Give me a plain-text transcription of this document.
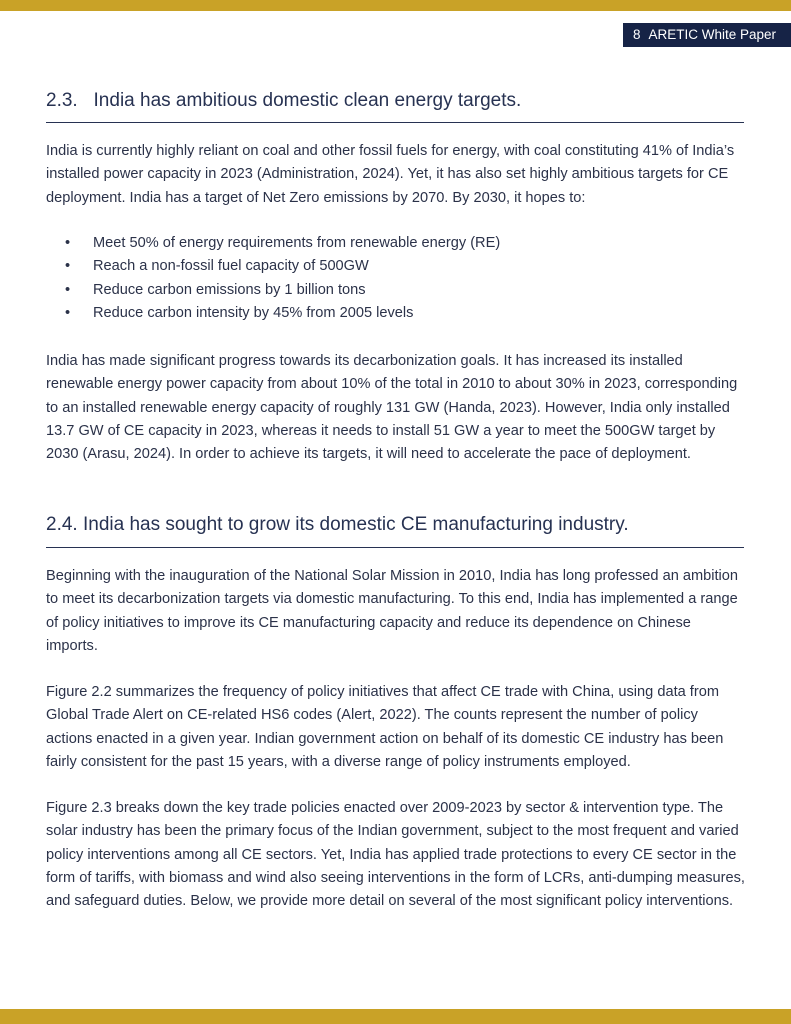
8 ARETIC White Paper
2.3.   India has ambitious domestic clean energy targets.

India is currently highly reliant on coal and other fossil fuels for energy, with coal constituting 41% of India’s installed power capacity in 2023 (Administration, 2024). Yet, it has also set highly ambitious targets for CE deployment. India has a target of Net Zero emissions by 2070. By 2030, it hopes to:

• Meet 50% of energy requirements from renewable energy (RE)
• Reach a non-fossil fuel capacity of 500GW
• Reduce carbon emissions by 1 billion tons
• Reduce carbon intensity by 45% from 2005 levels

India has made significant progress towards its decarbonization goals. It has increased its installed renewable energy power capacity from about 10% of the total in 2010 to about 30% in 2023, corresponding to an installed renewable energy capacity of roughly 131 GW (Handa, 2023). However, India only installed 13.7 GW of CE capacity in 2023, whereas it needs to install 51 GW a year to meet the 500GW target by 2030 (Arasu, 2024). In order to achieve its targets, it will need to accelerate the pace of deployment.

2.4. India has sought to grow its domestic CE manufacturing industry.

Beginning with the inauguration of the National Solar Mission in 2010, India has long professed an ambition to meet its decarbonization targets via domestic manufacturing. To this end, India has implemented a range of policy initiatives to improve its CE manufacturing capacity and reduce its dependence on Chinese imports.

Figure 2.2 summarizes the frequency of policy initiatives that affect CE trade with China, using data from Global Trade Alert on CE-related HS6 codes (Alert, 2022). The counts represent the number of policy actions enacted in a given year. Indian government action on behalf of its domestic CE industry has been fairly consistent for the past 15 years, with a diverse range of policy instruments employed.

Figure 2.3 breaks down the key trade policies enacted over 2009-2023 by sector & intervention type. The solar industry has been the primary focus of the Indian government, subject to the most frequent and varied policy interventions among all CE sectors. Yet, India has applied trade protections to every CE sector in the form of tariffs, with biomass and wind also seeing interventions in the form of LCRs, anti-dumping measures, and safeguard duties. Below, we provide more detail on several of the most significant policy interventions.
